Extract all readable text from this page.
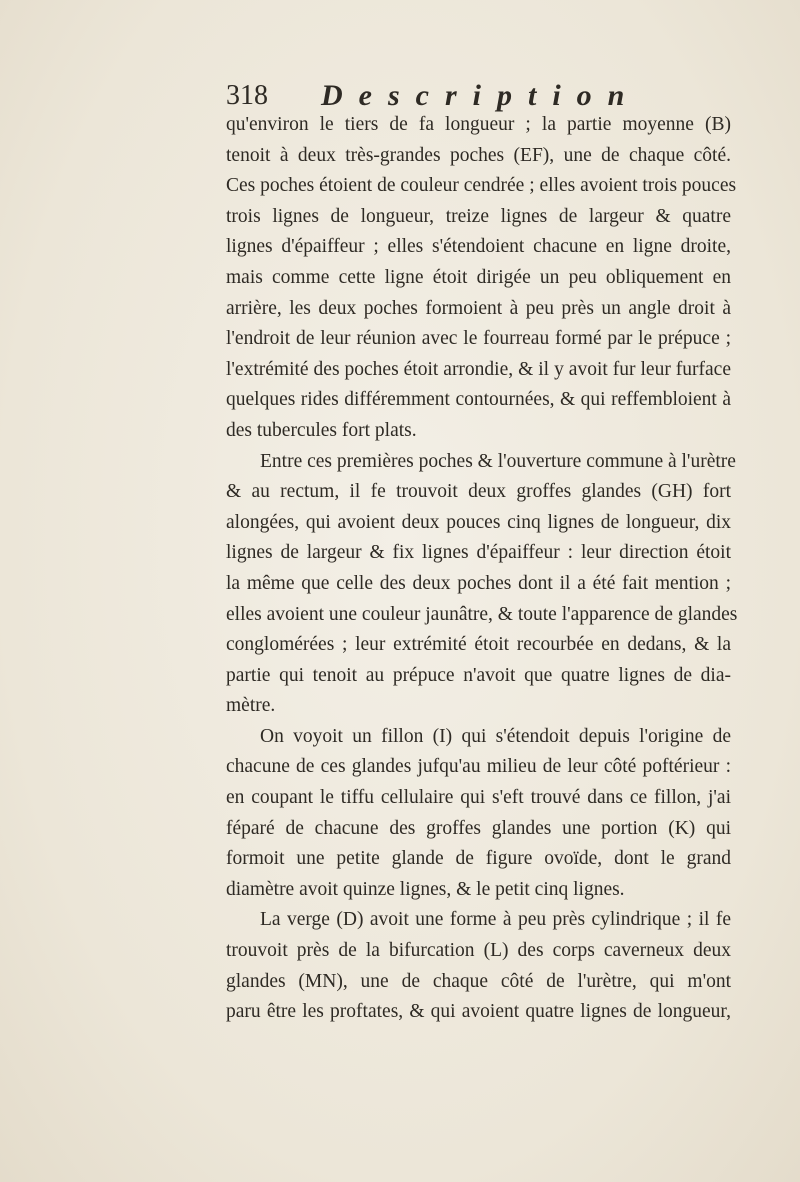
318 Description
qu'environ le tiers de fa longueur ; la partie moyenne (B)
tenoit à deux très-grandes poches (EF), une de chaque côté.
Ces poches étoient de couleur cendrée ; elles avoient trois pouces
trois lignes de longueur, treize lignes de largeur & quatre
lignes d'épaiffeur ; elles s'étendoient chacune en ligne droite,
mais comme cette ligne étoit dirigée un peu obliquement en
arrière, les deux poches formoient à peu près un angle droit à
l'endroit de leur réunion avec le fourreau formé par le prépuce ;
l'extrémité des poches étoit arrondie, & il y avoit fur leur furface
quelques rides différemment contournées, & qui reffembloient à
des tubercules fort plats.
Entre ces premières poches & l'ouverture commune à l'urètre
& au rectum, il fe trouvoit deux groffes glandes (GH) fort
alongées, qui avoient deux pouces cinq lignes de longueur, dix
lignes de largeur & fix lignes d'épaiffeur : leur direction étoit
la même que celle des deux poches dont il a été fait mention ;
elles avoient une couleur jaunâtre, & toute l'apparence de glandes
conglomérées ; leur extrémité étoit recourbée en dedans, & la
partie qui tenoit au prépuce n'avoit que quatre lignes de dia-
mètre.
On voyoit un fillon (I) qui s'étendoit depuis l'origine de
chacune de ces glandes jufqu'au milieu de leur côté poftérieur :
en coupant le tiffu cellulaire qui s'eft trouvé dans ce fillon, j'ai
féparé de chacune des groffes glandes une portion (K) qui
formoit une petite glande de figure ovoïde, dont le grand
diamètre avoit quinze lignes, & le petit cinq lignes.
La verge (D) avoit une forme à peu près cylindrique ; il fe
trouvoit près de la bifurcation (L) des corps caverneux deux
glandes (MN), une de chaque côté de l'urètre, qui m'ont
paru être les proftates, & qui avoient quatre lignes de longueur,
